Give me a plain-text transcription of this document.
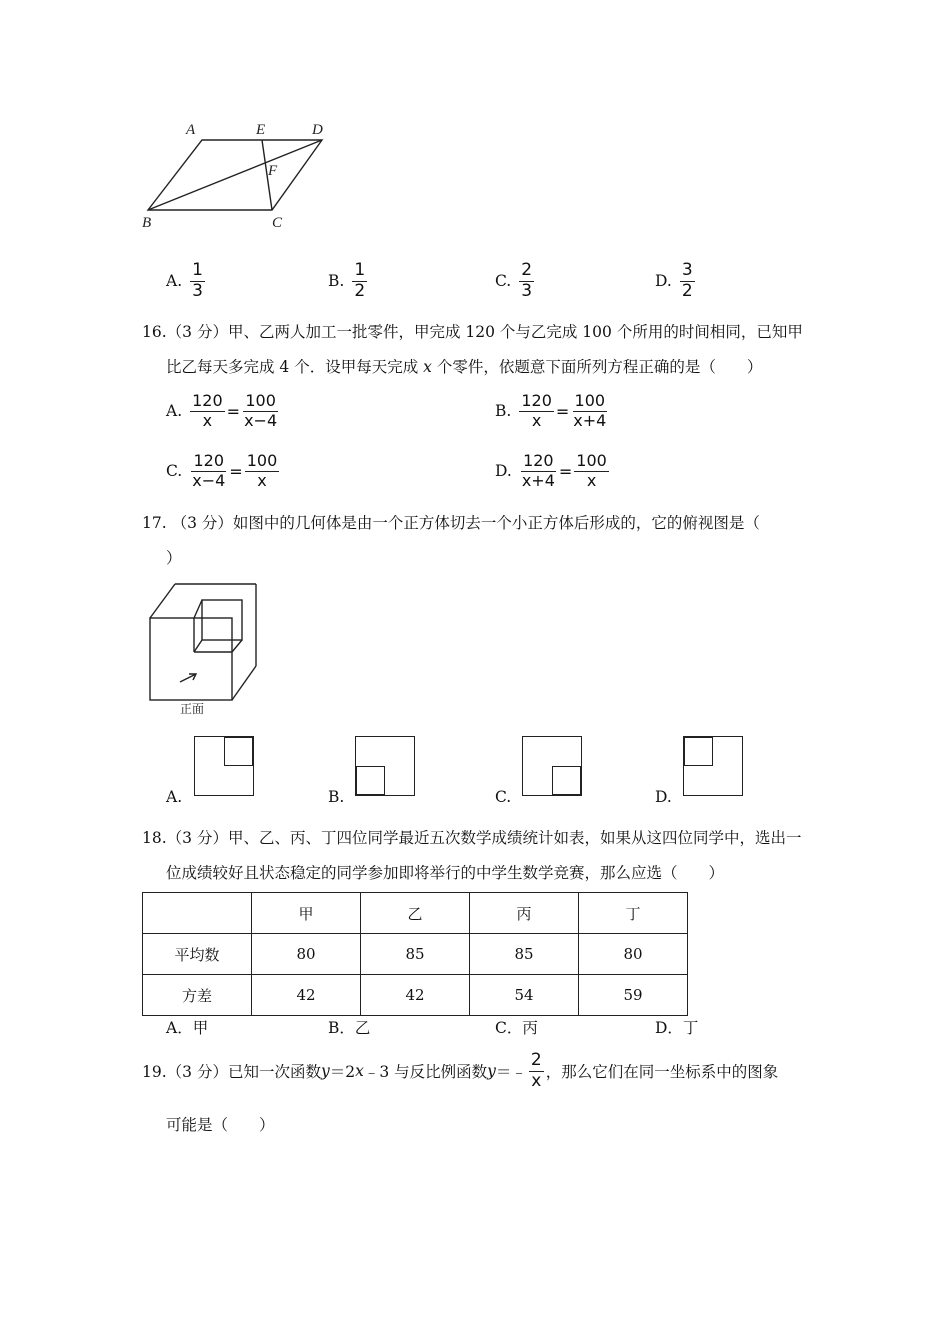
A	E	D
F
B	C
A. $\frac{1}{3}$	B. $\frac{1}{2}$	C. $\frac{2}{3}$	D. $\frac{3}{2}$
16.（3 分）甲、乙两人加工一批零件，甲完成 120 个与乙完成 100 个所用的时间相同，已知甲
比乙每天多完成 4 个．设甲每天完成 x 个零件，依题意下面所列方程正确的是（　　）
A. $\frac{120}{x} = \frac{100}{x-4}$	B. $\frac{120}{x} = \frac{100}{x+4}$
C. $\frac{120}{x-4} = \frac{100}{x}$	D. $\frac{120}{x+4} = \frac{100}{x}$
17. （3 分）如图中的几何体是由一个正方体切去一个小正方体后形成的，它的俯视图是（
）
正面
A.	B.	C.	D.
18.（3 分）甲、乙、丙、丁四位同学最近五次数学成绩统计如表，如果从这四位同学中，选出一
位成绩较好且状态稳定的同学参加即将举行的中学生数学竞赛，那么应选（　　）
	甲	乙	丙	丁
平均数	80	85	85	80
方差	42	42	54	59
A．甲	B．乙	C．丙	D．丁
19.（3 分）已知一次函数 y ＝2 x ﹣3 与反比例函数 y ＝﹣ $\frac{2}{x}$ ，那么它们在同一坐标系中的图象
可能是（　　）
